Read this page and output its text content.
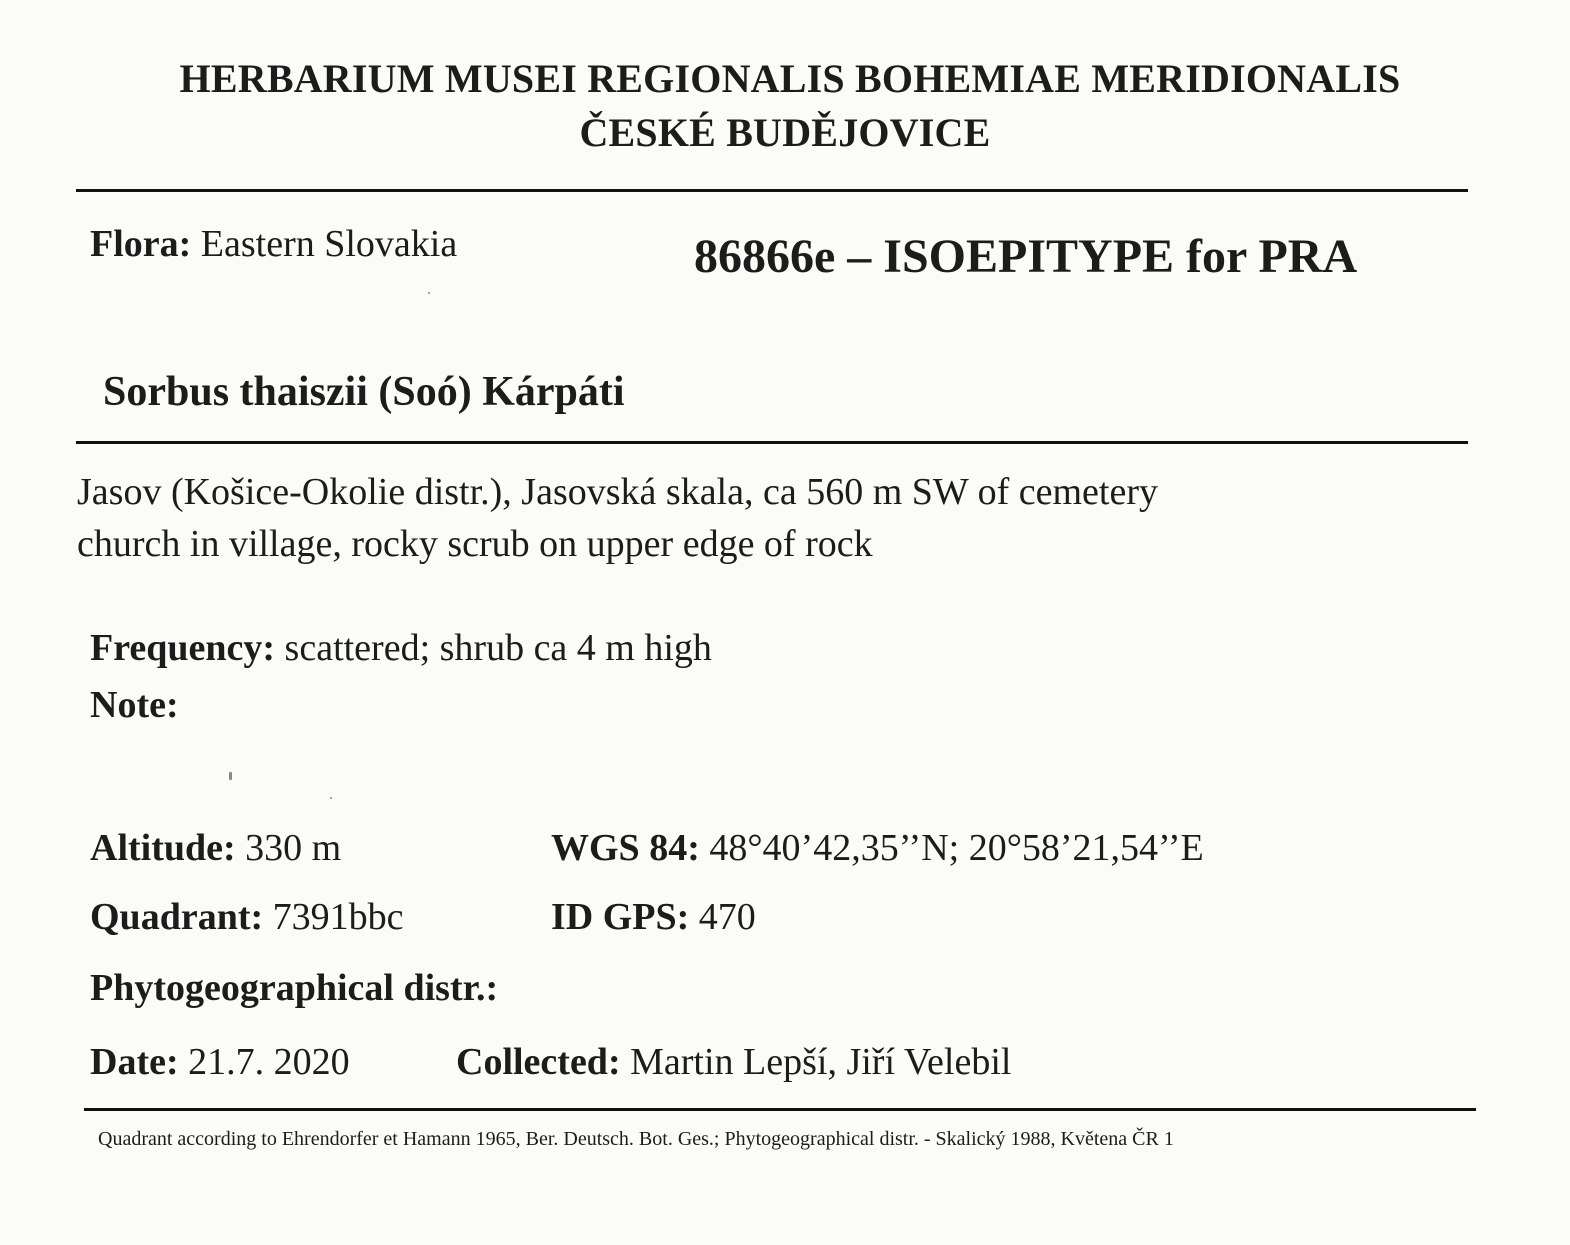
HERBARIUM MUSEI REGIONALIS BOHEMIAE MERIDIONALIS
ČESKÉ BUDĚJOVICE
Flora: Eastern Slovakia	86866e – ISOEPITYPE for PRA
Sorbus thaiszii (Soó) Kárpáti
Jasov (Košice-Okolie distr.), Jasovská skala, ca 560 m SW of cemetery
church in village, rocky scrub on upper edge of rock
Frequency: scattered; shrub ca 4 m high
Note:
Altitude: 330 m	WGS 84: 48°40’42,35’’N; 20°58’21,54’’E
Quadrant: 7391bbc	ID GPS: 470
Phytogeographical distr.:
Date: 21.7. 2020	Collected: Martin Lepší, Jiří Velebil
Quadrant according to Ehrendorfer et Hamann 1965, Ber. Deutsch. Bot. Ges.; Phytogeographical distr. - Skalický 1988, Květena ČR 1
